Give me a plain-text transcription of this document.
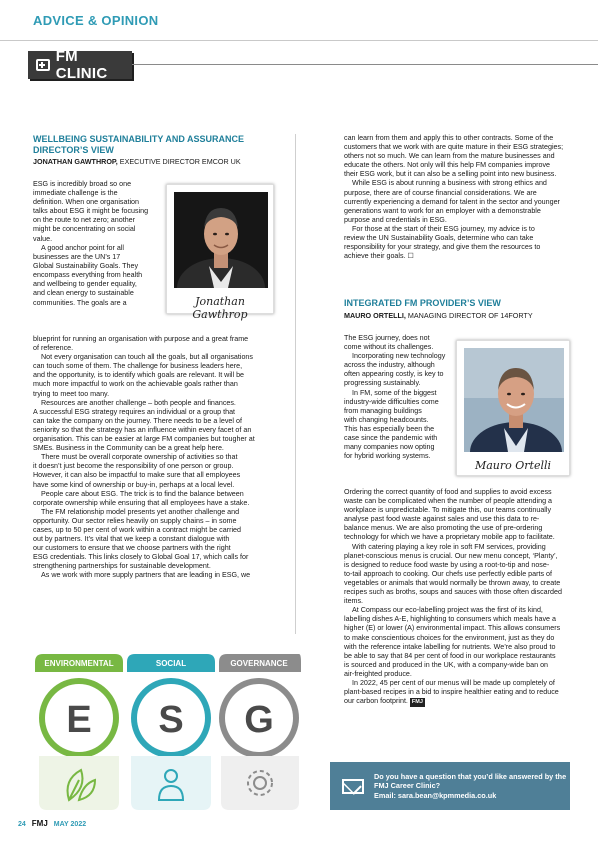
ADVICE & OPINION
FM CLINIC
WELLBEING SUSTAINABILITY AND ASSURANCE DIRECTOR’S VIEW
JONATHAN GAWTHROP, EXECUTIVE DIRECTOR EMCOR UK

ESG is incredibly broad so one

immediate challenge is the

definition. When one organisation

talks about ESG it might be focusing

on the route to net zero; another

might be concentrating on social

value.

Jonathan Gawthrop

A good anchor point for all

businesses are the UN’s 17

Global Sustainability Goals. They

encompass everything from health

and wellbeing to gender equality,

and clean energy to sustainable

communities. The goals are a

blueprint for running an organisation with purpose and a great frame

of reference.

Not every organisation can touch all the goals, but all organisations

can touch some of them. The challenge for business leaders here,

and the opportunity, is to identify which goals are relevant. It will be

much more impactful to work on the achievable goals rather than

trying to meet too many.

Resources are another challenge – both people and finances.

A successful ESG strategy requires an individual or a group that

can take the company on the journey. There needs to be a level of

seniority so that the strategy has an influence within every facet of an

organisation. This can be easier at large FM companies but tougher at

SMEs. Business in the Community can be a great help here.

There must be overall corporate ownership of activities so that

it doesn’t just become the responsibility of one person or group.

However, it can also be impactful to make sure that all employees

have some kind of ownership or buy-in, perhaps at a local level.

People care about ESG. The trick is to find the balance between

corporate ownership while ensuring that all employees have a stake.

The FM relationship model presents yet another challenge and

opportunity. Our sector relies heavily on supply chains – in some

cases, up to 50 per cent of work within a contract might be carried

out by partners. It’s vital that we keep a constant dialogue with

our customers to ensure that we choose partners with the right

ESG credentials. This links closely to Global Goal 17, which calls for

strengthening partnerships for sustainable development.

As we work with more supply partners that are leading in ESG, we

can learn from them and apply this to other contracts. Some of the

customers that we work with are quite mature in their ESG strategies;

others not so much. We can learn from the mature businesses and

educate the others. Not only will this help FM companies improve

their ESG work, but it can also be a selling point into new business.

While ESG is about running a business with strong ethics and

purpose, there are of course financial considerations. We are

currently experiencing a demand for talent in the sector and younger

generations want to work for an employer with a demonstrable

purpose and credentials in ESG.

For those at the start of their ESG journey, my advice is to

review the UN Sustainability Goals, determine who can take

responsibility for your strategy, and give them the resources to

achieve their goals. ☐

INTEGRATED FM PROVIDER’S VIEW
MAURO ORTELLI, MANAGING DIRECTOR OF 14FORTY

The ESG journey, does not

come without its challenges.

Incorporating new technology

across the industry, although

often appearing costly, is key to

progressing sustainably.

In FM, some of the biggest

industry-wide difficulties come

from managing buildings

with changing headcounts.

This has especially been the

case since the pandemic with

many companies now opting

for hybrid working systems.

Mauro Ortelli

Ordering the correct quantity of food and supplies to avoid excess

waste can be complicated when the number of people attending a

workplace is unpredictable. To mitigate this, our teams continually

analyse past food waste against sales and use this data to re-

balance menus. We are also promoting the use of pre-ordering

technology for which we have a proprietary mobile app to facilitate.

With catering playing a key role in soft FM services, providing

planet-conscious menus is crucial. Our new menu concept, ‘Planty’,

is designed to reduce food waste by using a root-to-tip and nose-

to-tail approach to cooking. Our chefs use perfectly edible parts of

vegetables or animals that would normally be thrown away, to create

recipes such as broths, soups and sauces with those often discarded

items.

At Compass our eco-labelling project was the first of its kind,

labelling dishes A-E, highlighting to consumers which meals have a

higher (E) or lower (A) environmental impact. This allows consumers

to make conscientious choices for the environment, just as they do

with the reference intake labelling for nutrients. We’re also proud to

be able to say that 84 per cent of food in our workplace restaurants

is sourced and produced in the UK, with a company-wide ban on

air-freighted produce.

In 2022, 45 per cent of our menus will be made up completely of

plant-based recipes in a bid to inspire healthier eating and to reduce

our carbon footprint. FMJ

ENVIRONMENTAL
E
SOCIAL
S
GOVERNANCE
G
Do you have a question that you’d like answered by the
FMJ Career Clinic?
Email: sara.bean@kpmmedia.co.uk
24 FMJ MAY 2022
